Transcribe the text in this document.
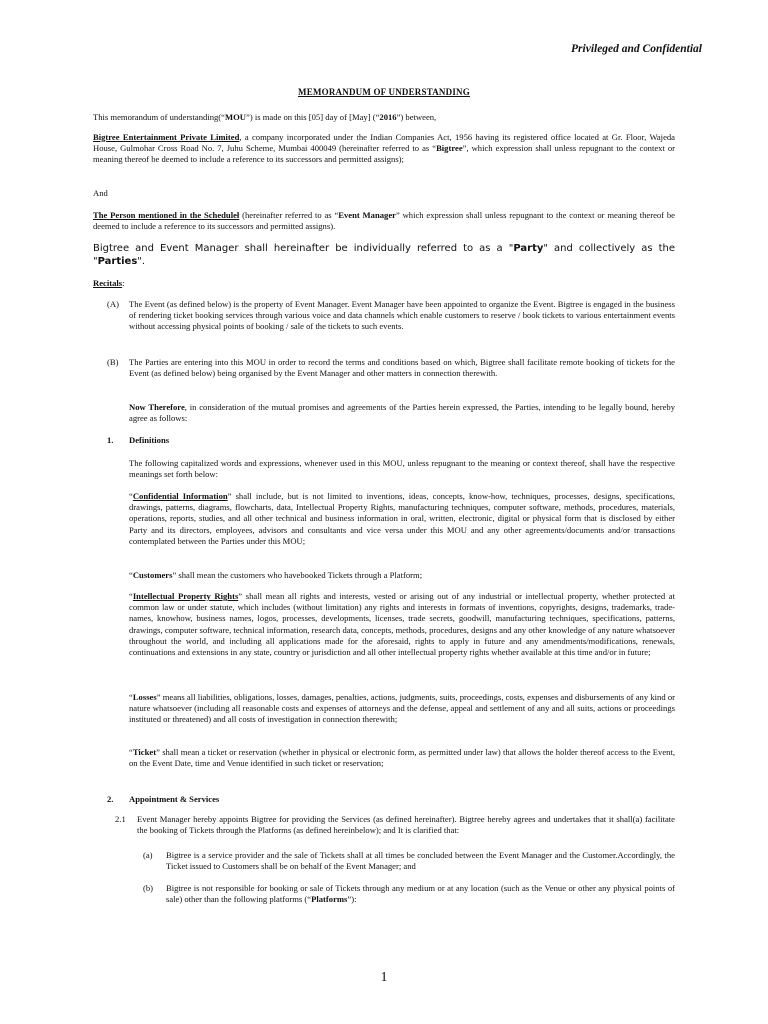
Privileged and Confidential
MEMORANDUM OF UNDERSTANDING
This memorandum of understanding(“MOU”) is made on this [05] day of [May] (“2016”) between,
Bigtree Entertainment Private Limited, a company incorporated under the Indian Companies Act, 1956 having its registered office located at Gr. Floor, Wajeda House, Gulmohar Cross Road No. 7, Juhu Scheme, Mumbai 400049 (hereinafter referred to as “Bigtree”, which expression shall unless repugnant to the context or meaning thereof be deemed to include a reference to its successors and permitted assigns);
And
The Person mentioned in the Scheduleł (hereinafter referred to as “Event Manager” which expression shall unless repugnant to the context or meaning thereof be deemed to include a reference to its successors and permitted assigns).
Bigtree and Event Manager shall hereinafter be individually referred to as a "Party" and collectively as the "Parties".
Recitals:
(A) The Event (as defined below) is the property of Event Manager. Event Manager have been appointed to organize the Event. Bigtree is engaged in the business of rendering ticket booking services through various voice and data channels which enable customers to reserve / book tickets to various entertainment events without accessing physical points of booking / sale of the tickets to such events.
(B) The Parties are entering into this MOU in order to record the terms and conditions based on which, Bigtree shall facilitate remote booking of tickets for the Event (as defined below) being organised by the Event Manager and other matters in connection therewith.
Now Therefore, in consideration of the mutual promises and agreements of the Parties herein expressed, the Parties, intending to be legally bound, hereby agree as follows:
1. Definitions
The following capitalized words and expressions, whenever used in this MOU, unless repugnant to the meaning or context thereof, shall have the respective meanings set forth below:
“Confidential Information” shall include, but is not limited to inventions, ideas, concepts, know-how, techniques, processes, designs, specifications, drawings, patterns, diagrams, flowcharts, data, Intellectual Property Rights, manufacturing techniques, computer software, methods, procedures, materials, operations, reports, studies, and all other technical and business information in oral, written, electronic, digital or physical form that is disclosed by either Party and its directors, employees, advisors and consultants and vice versa under this MOU and any other agreements/documents and/or transactions contemplated between the Parties under this MOU;
“Customers” shall mean the customers who havebooked Tickets through a Platform;
“Intellectual Property Rights” shall mean all rights and interests, vested or arising out of any industrial or intellectual property, whether protected at common law or under statute, which includes (without limitation) any rights and interests in formats of inventions, copyrights, designs, trademarks, trade-names, knowhow, business names, logos, processes, developments, licenses, trade secrets, goodwill, manufacturing techniques, specifications, patterns, drawings, computer software, technical information, research data, concepts, methods, procedures, designs and any other knowledge of any nature whatsoever throughout the world, and including all applications made for the aforesaid, rights to apply in future and any amendments/modifications, renewals, continuations and extensions in any state, country or jurisdiction and all other intellectual property rights whether available at this time and/or in future;
“Losses” means all liabilities, obligations, losses, damages, penalties, actions, judgments, suits, proceedings, costs, expenses and disbursements of any kind or nature whatsoever (including all reasonable costs and expenses of attorneys and the defense, appeal and settlement of any and all suits, actions or proceedings instituted or threatened) and all costs of investigation in connection therewith;
“Ticket” shall mean a ticket or reservation (whether in physical or electronic form, as permitted under law) that allows the holder thereof access to the Event, on the Event Date, time and Venue identified in such ticket or reservation;
2. Appointment & Services
2.1 Event Manager hereby appoints Bigtree for providing the Services (as defined hereinafter). Bigtree hereby agrees and undertakes that it shall(a) facilitate the booking of Tickets through the Platforms (as defined hereinbelow); and It is clarified that:
(a) Bigtree is a service provider and the sale of Tickets shall at all times be concluded between the Event Manager and the Customer.Accordingly, the Ticket issued to Customers shall be on behalf of the Event Manager; and
(b) Bigtree is not responsible for booking or sale of Tickets through any medium or at any location (such as the Venue or other any physical points of sale) other than the following platforms (“Platforms”):
1
